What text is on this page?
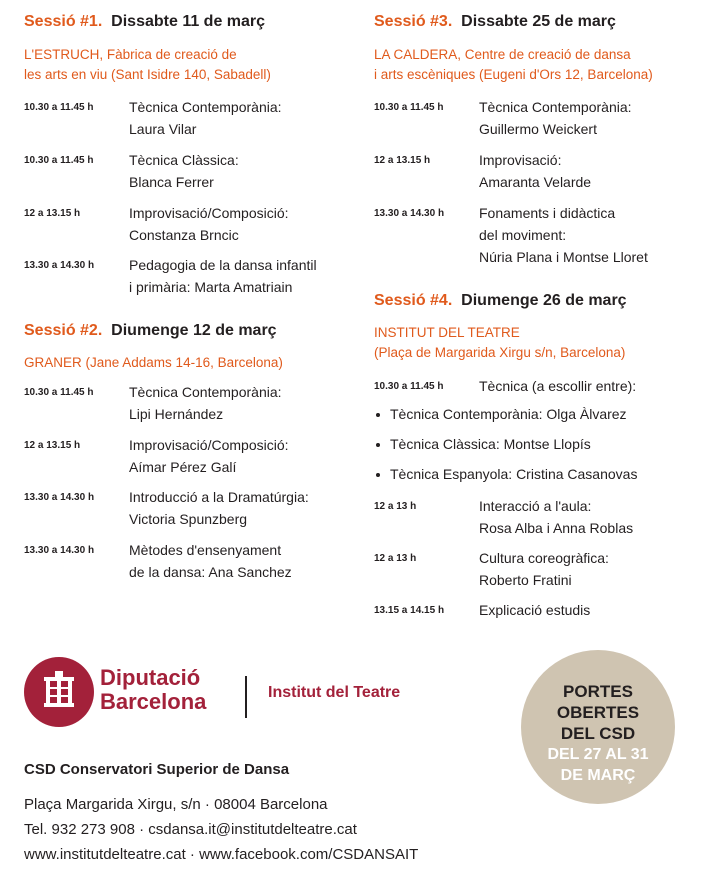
Sessió #1. Dissabte 11 de març
L'ESTRUCH, Fàbrica de creació de
les arts en viu (Sant Isidre 140, Sabadell)
10.30 a 11.45 h	Tècnica Contemporània:
Laura Vilar
10.30 a 11.45 h	Tècnica Clàssica:
Blanca Ferrer
12 a 13.15 h	Improvisació/Composició:
Constanza Brncic
13.30 a 14.30 h Pedagogia de la dansa infantil
i primària: Marta Amatriain
Sessió #2. Diumenge 12 de març
GRANER (Jane Addams 14-16, Barcelona)
10.30 a 11.45 h	Tècnica Contemporània:
Lipi Hernández
12 a 13.15 h	Improvisació/Composició:
Aímar Pérez Galí
13.30 a 14.30 h Introducció a la Dramatúrgia:
Victoria Spunzberg
13.30 a 14.30 h Mètodes d'ensenyament
de la dansa: Ana Sanchez
Sessió #3. Dissabte 25 de març
LA CALDERA, Centre de creació de dansa
i arts escèniques (Eugeni d'Ors 12, Barcelona)
10.30 a 11.45 h	Tècnica Contemporània:
Guillermo Weickert
12 a 13.15 h	Improvisació:
Amaranta Velarde
13.30 a 14.30 h Fonaments i didàctica
del moviment:
Núria Plana i Montse Lloret
Sessió #4. Diumenge 26 de març
INSTITUT DEL TEATRE
(Plaça de Margarida Xirgu s/n, Barcelona)
10.30 a 11.45 h	Tècnica (a escollir entre):
Tècnica Contemporània: Olga Àlvarez
Tècnica Clàssica: Montse Llopís
Tècnica Espanyola: Cristina Casanovas
12 a 13 h	Interacció a l'aula:
Rosa Alba i Anna Roblas
12 a 13 h	Cultura coreogràfica:
Roberto Fratini
13.15 a 14.15 h Explicació estudis
Diputació
Barcelona	Institut del Teatre	PORTES
OBERTES
DEL CSD
DEL 27 AL 31
DE MARÇ
CSD Conservatori Superior de Dansa
Plaça Margarida Xirgu, s/n · 08004 Barcelona
Tel. 932 273 908 · csdansa.it@institutdelteatre.cat
www.institutdelteatre.cat · www.facebook.com/CSDANSAIT
